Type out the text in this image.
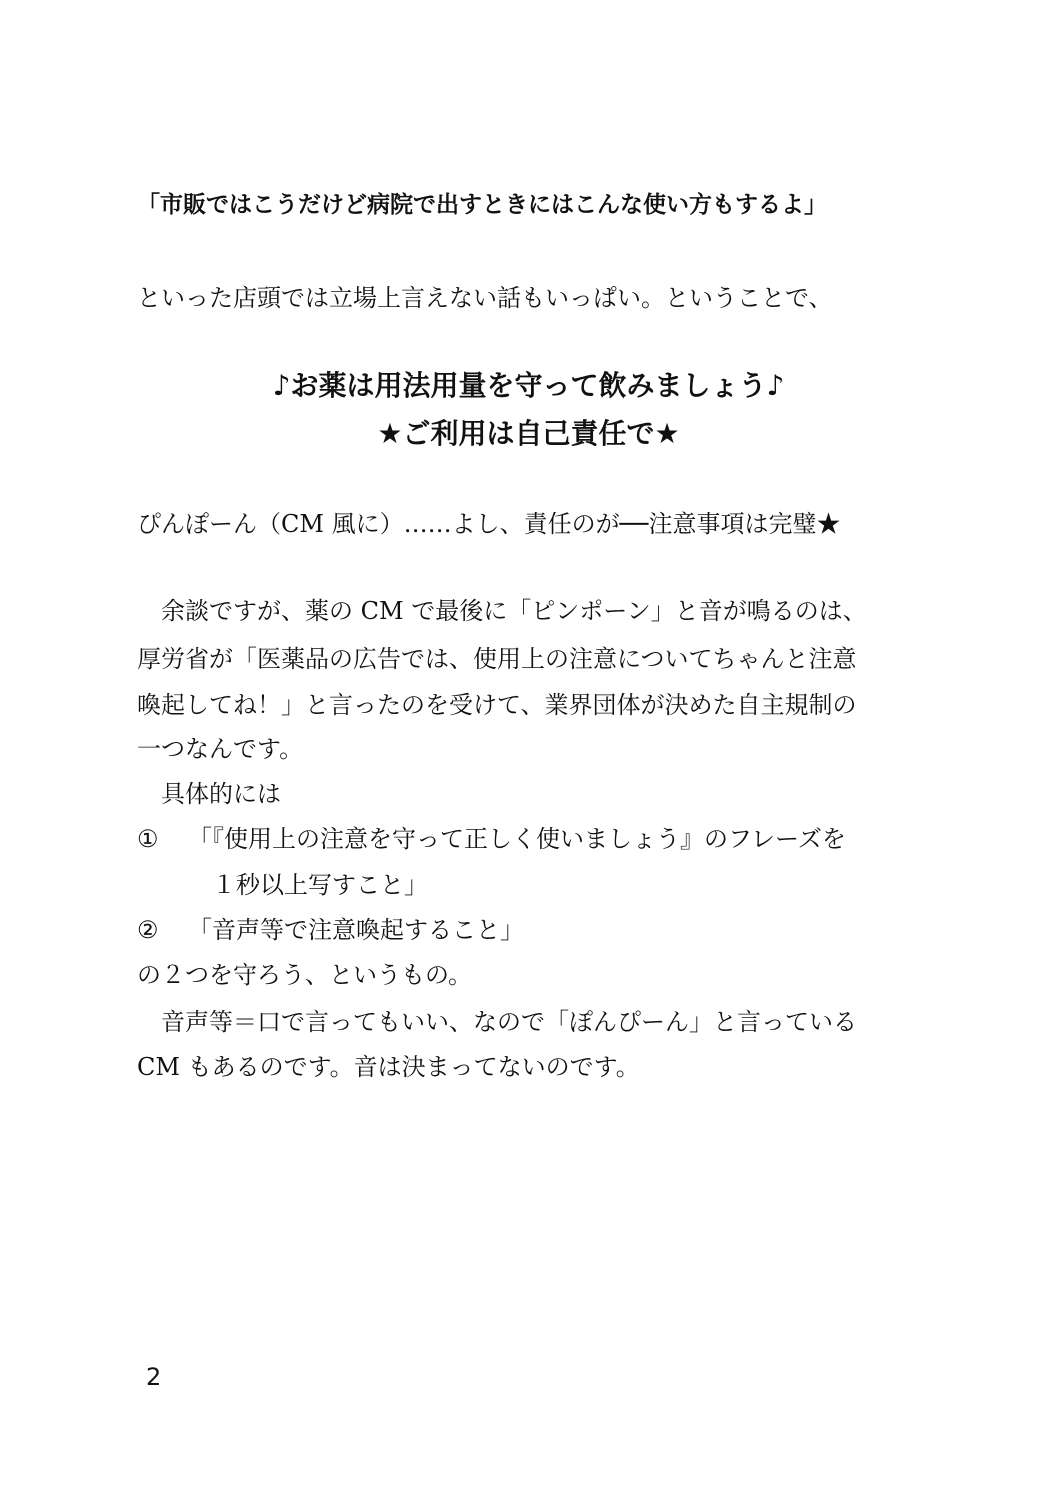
「市販ではこうだけど病院で出すときにはこんな使い方もするよ」
といった店頭では立場上言えない話もいっぱい。ということで、
♪お薬は用法用量を守って飲みましょう♪
★ご利用は自己責任で★
ぴんぽーん（CM 風に）……よし、責任のが──注意事項は完璧★
　余談ですが、薬の CM で最後に「ピンポーン」と音が鳴るのは、
厚労省が「医薬品の広告では、使用上の注意についてちゃんと注意
喚起してね！」と言ったのを受けて、業界団体が決めた自主規制の
一つなんです。
　具体的には
① 「『使用上の注意を守って正しく使いましょう』のフレーズを
　１秒以上写すこと」
② 「音声等で注意喚起すること」
の２つを守ろう、というもの。
　音声等＝口で言ってもいい、なので「ぽんぴーん」と言っている
CM もあるのです。音は決まってないのです。
2
